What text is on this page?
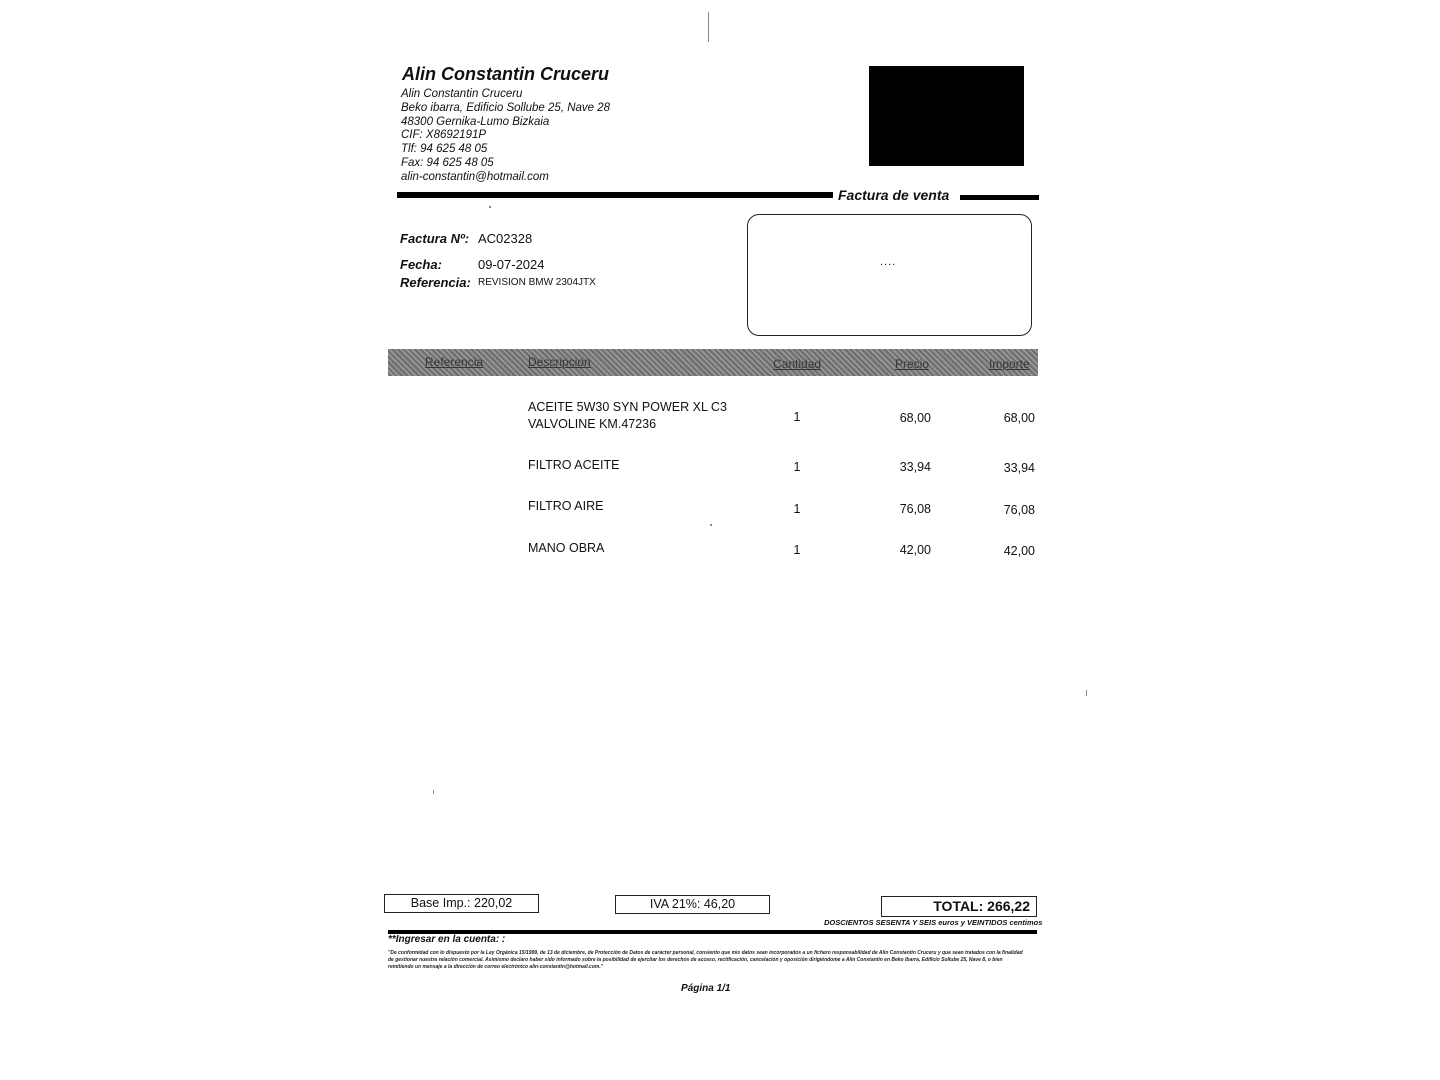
Alin Constantin Cruceru
Alin Constantin Cruceru
Beko ibarra, Edificio Sollube 25, Nave 28
48300 Gernika-Lumo Bizkaia
CIF: X8692191P
Tlf: 94 625 48 05
Fax: 94 625 48 05
alin-constantin@hotmail.com
Factura de venta
Factura Nº: AC02328
Fecha:	09-07-2024
Referencia: REVISION BMW 2304JTX
....
Referencia	Descripcion	Cantidad	Precio	Importe
ACEITE 5W30 SYN POWER XL C3
VALVOLINE KM.47236	1	68,00	68,00
FILTRO ACEITE	1	33,94	33,94
FILTRO AIRE	1	76,08	76,08
MANO OBRA	1	42,00	42,00
Base Imp.: 220,02	IVA 21%: 46,20	TOTAL: 266,22
DOSCIENTOS SESENTA Y SEIS euros y VEINTIDOS centimos
**Ingresar en la cuenta: :
"De conformidad con lo dispuesto por la Ley Orgánica 15/1999, de 13 de diciembre, de Protección de Datos de carácter personal, consiento que mis datos sean incorporados a un fichero responsabilidad de Alin Constantin Cruceru y que sean tratados con la finalidad de gestionar nuestra relación comercial. Asimismo declaro haber sido informado sobre la posibilidad de ejercitar los derechos de acceso, rectificación, cancelación y oposición dirigiéndome a Alin Constantin en Beko Ibarra, Edificio Sollube 25, Nave 8, o bien remitiendo un mensaje a la dirección de correo electrónico alin-constantin@hotmail.com."
Página 1/1
